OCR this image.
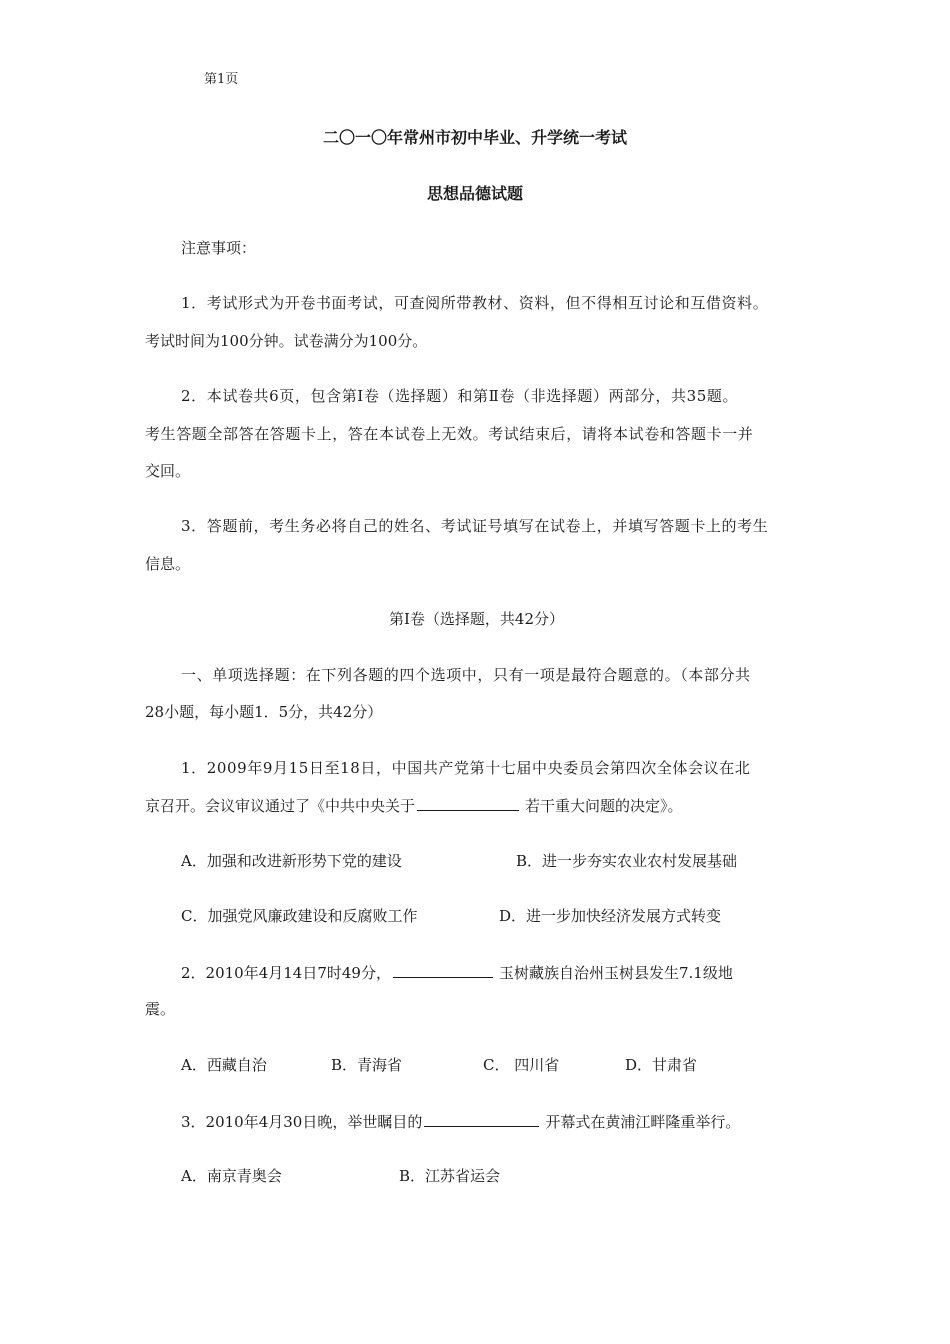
第1页
二〇一〇年常州市初中毕业、升学统一考试
思想品德试题
注意事项：
1．考试形式为开卷书面考试，可查阅所带教材、资料，但不得相互讨论和互借资料。
考试时间为100分钟。试卷满分为100分。
2．本试卷共6页，包含第Ⅰ卷（选择题）和第Ⅱ卷（非选择题）两部分，共35题。
考生答题全部答在答题卡上，答在本试卷上无效。考试结束后，请将本试卷和答题卡一并
交回。
3．答题前，考生务必将自己的姓名、考试证号填写在试卷上，并填写答题卡上的考生
信息。
第Ⅰ卷（选择题，共42分）
一、单项选择题：在下列各题的四个选项中，只有一项是最符合题意的。（本部分共
28小题，每小题1．5分，共42分）
1．2009年9月15日至18日，中国共产党第十七届中央委员会第四次全体会议在北
京召开。会议审议通过了《中共中央关于	若干重大问题的决定》。
A．加强和改进新形势下党的建设	B．进一步夯实农业农村发展基础
C．加强党风廉政建设和反腐败工作	D．进一步加快经济发展方式转变
2．2010年4月14日7时49分，	玉树藏族自治州玉树县发生7.1级地
震。
A．西藏自治	B．青海省	C． 四川省	D．甘肃省
3．2010年4月30日晚，举世瞩目的	开幕式在黄浦江畔隆重举行。
A．南京青奥会	B．江苏省运会
